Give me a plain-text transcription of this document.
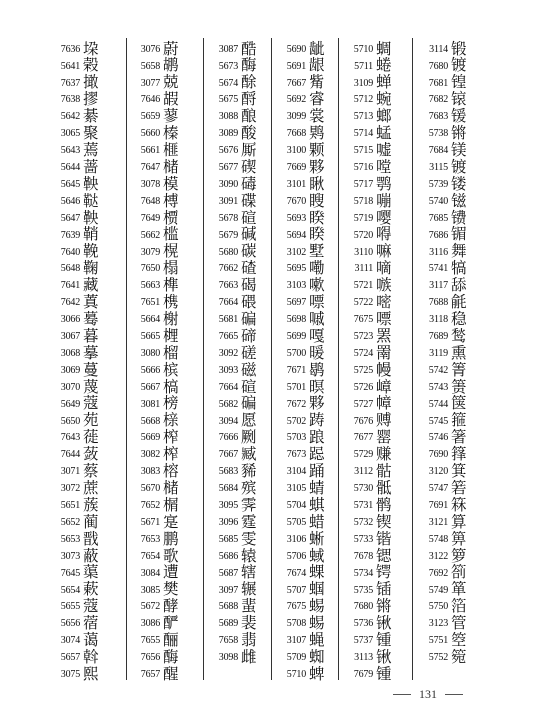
7636 垜
5641 榖
7637 撖
7638 摎
5642 綦
3065 聚
5643 蔫
5644 蔷
5645 鞅
5646 鞑
5647 鞅
7639 鞘
7640 鞔
5648 鞠
7641 藏
7642 蒖
3066 蓦
3067 暮
3068 摹
3069 蔓
3070 蔑
5649 蔻
5650 苑
7643 蓰
7644 蔹
3071 蔡
3072 蔗
5651 蔟
5652 蔺
5653 戬
3073 蔽
7645 蕖
5654 蔌
5655 蔻
5656 蓿
3074 蔼
5657 斡
3075 熙
3076 蔚
5658 鹕
3077 兢
7646 嘏
5659 蓼
5660 榛
5661 榧
7647 槠
3078 模
7648 榑
7649 槚
5662 槛
3079 榥
7650 榻
5663 榫
7651 槜
5664 榭
5665 榸
3080 榴
5666 槟
5667 槁
3081 榜
5668 榇
5669 榨
3082 榨
3083 榕
5670 槠
7652 榍
5671 寔
7653 鹏
7654 歌
3084 遭
3085 樊
5672 酵
3086 酽
7655 酾
7656 酶
7657 醒
3087 酷
5673 酶
5674 酴
5675 酹
3088 酿
3089 酸
5676 厮
5677 碶
3090 碡
3091 碟
5678 碹
5679 碱
5680 碳
7662 碴
7663 碣
7664 碨
5681 碥
7665 碲
3092 磋
3093 磁
7664 碹
5682 碥
3094 愿
7666 劂
7667 臧
5683 豨
5684 殡
3095 霁
3096 霆
5685 雯
5686 辕
5687 辖
3097 辗
5688 蜚
5689 裴
7658 翡
3098 雌
5690 龇
5691 龈
7667 觜
5692 睿
3099 裳
7668 䴗
3100 颗
7669 夥
3101 瞅
7670 瞍
5693 睽
5694 睽
3102 墅
5695 嘞
3103 嗽
5697 嘌
5698 嘁
5699 嘎
5700 暖
7671 鹖
5701 暝
7672 夥
5702 踌
5703 踉
7673 跽
3104 踊
3105 蜻
5704 蜞
5705 蜡
3106 蜥
5706 蜮
7674 蜾
5707 蝈
7675 蜴
5708 蜴
3107 蝇
5709 蜘
5710 蜱
5710 蜩
5711 蜷
3109 蝉
5712 蜿
5713 螂
5714 蜢
5715 嘘
5716 嘡
5717 鹗
5718 嘣
5719 嘤
5720 嘚
3110 嘛
3111 嘀
5721 嗾
5722 嘧
7675 嘌
5723 罴
5724 罱
5725 幔
5726 嶂
5727 幛
7676 赙
7677 罂
5729 赚
3112 骷
5730 骶
5731 鹘
5732 锲
5733 锴
7678 锶
5734 锷
5735 锸
7680 锵
5736 锹
5737 锺
3113 锹
7679 锺
3114 锻
7680 镀
7681 锽
7682 锿
7683 锾
5738 锵
7684 镁
3115 镀
5739 镂
5740 镃
7685 镄
7686 镅
3116 舞
5741 犒
3117 舔
7688 毹
3118 稳
7689 鹙
3119 熏
5742 箐
5743 箦
5744 箧
5745 箍
5746 箸
7690 箨
3120 箕
5747 箬
7691 箖
3121 算
5748 箅
3122 箩
7692 箚
5749 箪
5750 箔
3123 管
5751 箜
5752 箢
131
